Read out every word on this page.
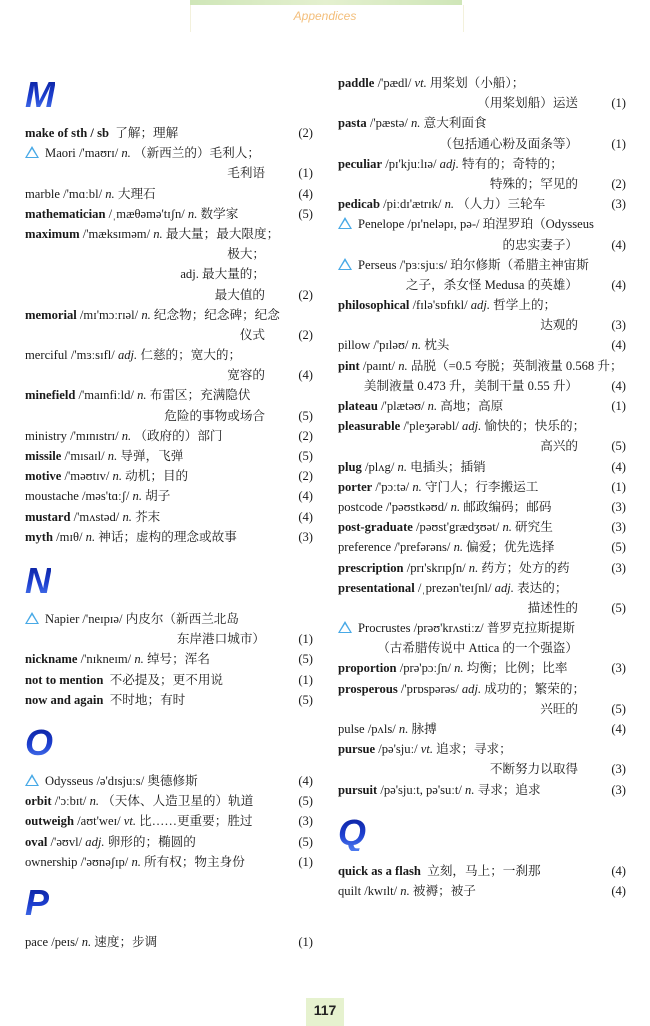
Appendices
M
make of sth / sb  了解；理解	(2)
Maori /'maʊrɪ/ n. （新西兰的）毛利人；
毛利语	(1)
marble /'mɑːbl/ n. 大理石	(4)
mathematician /ˌmæθəmə'tɪʃn/ n. 数学家	(5)
maximum /'mæksɪməm/ n. 最大量；最大限度；
极大；
adj. 最大量的；
最大值的	(2)
memorial /mɪ'mɔːrɪəl/ n. 纪念物；纪念碑；纪念
仪式	(2)
merciful /'mɜːsɪfl/ adj. 仁慈的；宽大的；
宽容的	(4)
minefield /'maɪnfiːld/ n. 布雷区；充满隐伏
危险的事物或场合	(5)
ministry /'mɪnɪstrɪ/ n. （政府的）部门	(2)
missile /'mɪsaɪl/ n. 导弹，飞弹	(5)
motive /'məʊtɪv/ n. 动机；目的	(2)
moustache /məs'tɑːʃ/ n. 胡子	(4)
mustard /'mʌstəd/ n. 芥末	(4)
myth /mɪθ/ n. 神话；虚构的理念或故事	(3)
N
Napier /'neɪpɪə/ 内皮尔（新西兰北岛
东岸港口城市）	(1)
nickname /'nɪkneɪm/ n. 绰号；浑名	(5)
not to mention  不必提及；更不用说	(1)
now and again  不时地；有时	(5)
O
Odysseus /ə'dɪsjuːs/ 奥德修斯	(4)
orbit /'ɔːbɪt/ n. （天体、人造卫星的）轨道	(5)
outweigh /aʊt'weɪ/ vt. 比……更重要；胜过	(3)
oval /'əʊvl/ adj. 卵形的；椭圆的	(5)
ownership /'əʊnəʃɪp/ n. 所有权；物主身份	(1)
P
pace /peɪs/ n. 速度；步调	(1)
paddle /'pædl/ vt. 用桨划（小船）；
（用桨划船）运送	(1)
pasta /'pæstə/ n. 意大利面食
（包括通心粉及面条等）	(1)
peculiar /pɪ'kjuːlɪə/ adj. 特有的；奇特的；
特殊的；罕见的	(2)
pedicab /piːdɪ'ætrɪk/ n. （人力）三轮车	(3)
Penelope /pɪ'neləpɪ, pə-/ 珀涅罗珀（Odysseus
的忠实妻子）	(4)
Perseus /'pɜːsjuːs/ 珀尔修斯（希腊主神宙斯
之子，杀女怪 Medusa 的英雄）	(4)
philosophical /fɪlə'sɒfɪkl/ adj. 哲学上的；
达观的	(3)
pillow /'pɪləʊ/ n. 枕头	(4)
pint /paɪnt/ n. 品脱（=0.5 夸脱；英制液量 0.568 升；
美制液量 0.473 升，美制干量 0.55 升）	(4)
plateau /'plætəʊ/ n. 高地；高原	(1)
pleasurable /'pleʒərəbl/ adj. 愉快的；快乐的；
高兴的	(5)
plug /plʌg/ n. 电插头；插销	(4)
porter /'pɔːtə/ n. 守门人；行李搬运工	(1)
postcode /'pəʊstkəʊd/ n. 邮政编码；邮码	(3)
post-graduate /pəʊst'grædʒʊət/ n. 研究生	(3)
preference /'prefərəns/ n. 偏爱；优先选择	(5)
prescription /prɪ'skrɪpʃn/ n. 药方；处方的药	(3)
presentational /ˌprezən'teɪʃnl/ adj. 表达的；
描述性的	(5)
Procrustes /prəʊ'krʌstiːz/ 普罗克拉斯提斯
（古希腊传说中 Attica 的一个强盗）
proportion /prə'pɔːʃn/ n. 均衡；比例；比率	(3)
prosperous /'prɒspərəs/ adj. 成功的；繁荣的；
兴旺的	(5)
pulse /pʌls/ n. 脉搏	(4)
pursue /pə'sjuː/ vt. 追求；寻求；
不断努力以取得	(3)
pursuit /pə'sjuːt, pə'suːt/ n. 寻求；追求	(3)
Q
quick as a flash  立刻，马上；一刹那	(4)
quilt /kwɪlt/ n. 被褥；被子	(4)
117
